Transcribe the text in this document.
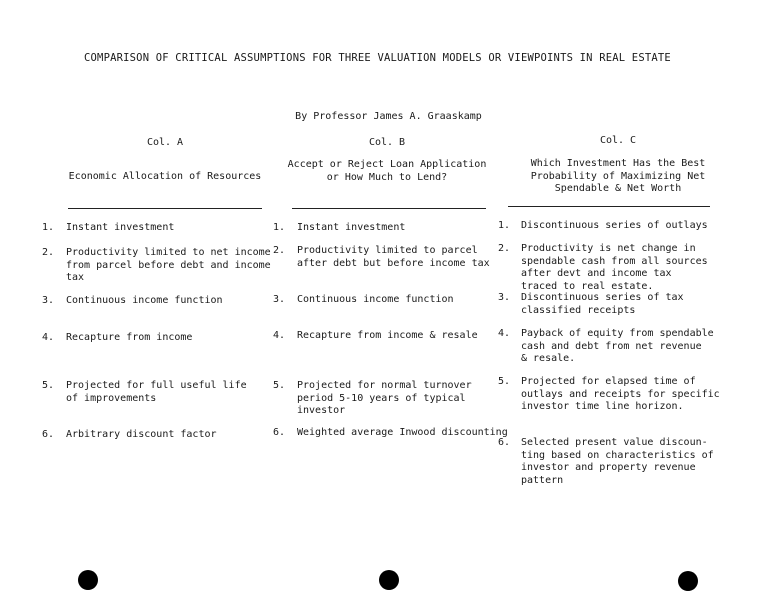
COMPARISON OF CRITICAL ASSUMPTIONS FOR THREE VALUATION MODELS OR VIEWPOINTS IN REAL ESTATE
By Professor James A. Graaskamp
Col. A
Economic Allocation of Resources
Col. B
Accept or Reject Loan Application
or How Much to Lend?
Col. C
Which Investment Has the Best
Probability of Maximizing Net
Spendable & Net Worth
1. Instant investment
2. Productivity limited to net income
from parcel before debt and income
tax
3. Continuous income function
4. Recapture from income
5. Projected for full useful life
of improvements
6. Arbitrary discount factor
1. Instant investment
2. Productivity limited to parcel
after debt but before income tax
3. Continuous income function
4. Recapture from income & resale
5. Projected for normal turnover
period 5-10 years of typical
investor
6. Weighted average Inwood discounting
1. Discontinuous series of outlays
2. Productivity is net change in
spendable cash from all sources
after devt and income tax
traced to real estate.
3. Discontinuous series of tax
classified receipts
4. Payback of equity from spendable
cash and debt from net revenue
& resale.
5. Projected for elapsed time of
outlays and receipts for specific
investor time line horizon.
6. Selected present value discoun-
ting based on characteristics of
investor and property revenue
pattern
